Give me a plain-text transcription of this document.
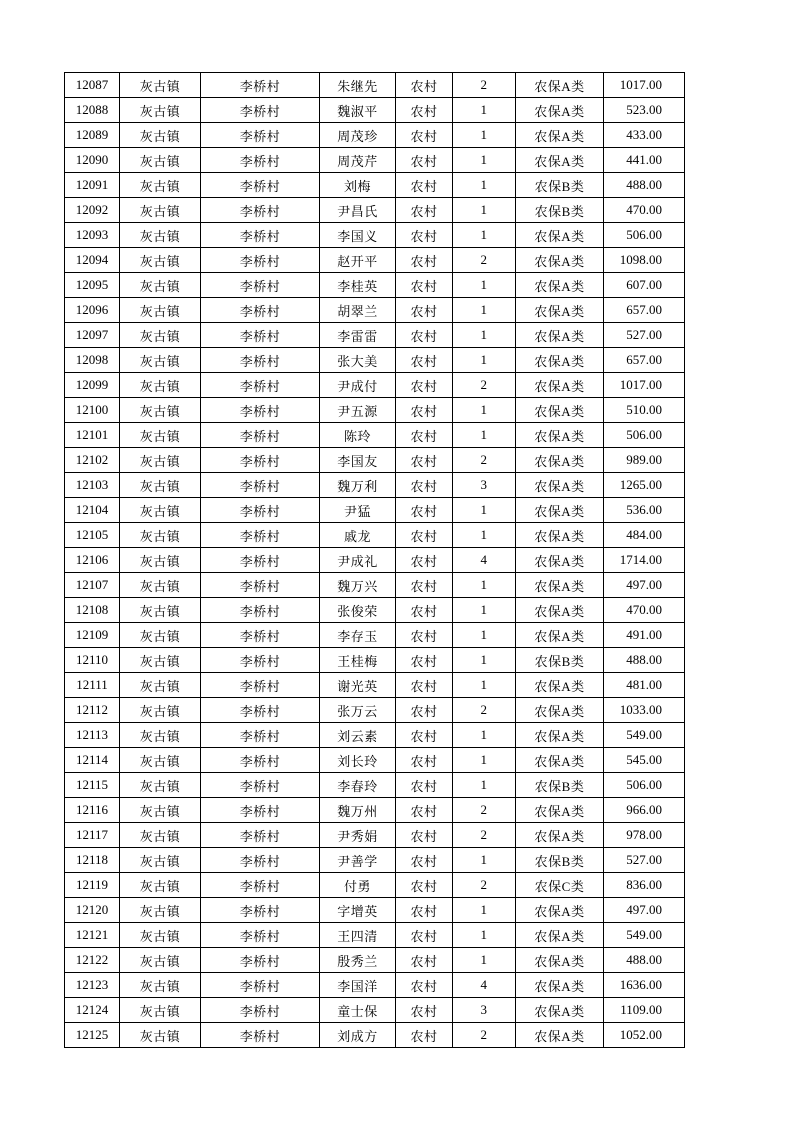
12087	灰古镇	李桥村	朱继先	农村	2	农保A类	1017.00
12088	灰古镇	李桥村	魏淑平	农村	1	农保A类	523.00
12089	灰古镇	李桥村	周茂珍	农村	1	农保A类	433.00
12090	灰古镇	李桥村	周茂芹	农村	1	农保A类	441.00
12091	灰古镇	李桥村	刘梅	农村	1	农保B类	488.00
12092	灰古镇	李桥村	尹昌氏	农村	1	农保B类	470.00
12093	灰古镇	李桥村	李国义	农村	1	农保A类	506.00
12094	灰古镇	李桥村	赵开平	农村	2	农保A类	1098.00
12095	灰古镇	李桥村	李桂英	农村	1	农保A类	607.00
12096	灰古镇	李桥村	胡翠兰	农村	1	农保A类	657.00
12097	灰古镇	李桥村	李雷雷	农村	1	农保A类	527.00
12098	灰古镇	李桥村	张大美	农村	1	农保A类	657.00
12099	灰古镇	李桥村	尹成付	农村	2	农保A类	1017.00
12100	灰古镇	李桥村	尹五源	农村	1	农保A类	510.00
12101	灰古镇	李桥村	陈玲	农村	1	农保A类	506.00
12102	灰古镇	李桥村	李国友	农村	2	农保A类	989.00
12103	灰古镇	李桥村	魏万利	农村	3	农保A类	1265.00
12104	灰古镇	李桥村	尹猛	农村	1	农保A类	536.00
12105	灰古镇	李桥村	戚龙	农村	1	农保A类	484.00
12106	灰古镇	李桥村	尹成礼	农村	4	农保A类	1714.00
12107	灰古镇	李桥村	魏万兴	农村	1	农保A类	497.00
12108	灰古镇	李桥村	张俊荣	农村	1	农保A类	470.00
12109	灰古镇	李桥村	李存玉	农村	1	农保A类	491.00
12110	灰古镇	李桥村	王桂梅	农村	1	农保B类	488.00
12111	灰古镇	李桥村	谢光英	农村	1	农保A类	481.00
12112	灰古镇	李桥村	张万云	农村	2	农保A类	1033.00
12113	灰古镇	李桥村	刘云素	农村	1	农保A类	549.00
12114	灰古镇	李桥村	刘长玲	农村	1	农保A类	545.00
12115	灰古镇	李桥村	李春玲	农村	1	农保B类	506.00
12116	灰古镇	李桥村	魏万州	农村	2	农保A类	966.00
12117	灰古镇	李桥村	尹秀娟	农村	2	农保A类	978.00
12118	灰古镇	李桥村	尹善学	农村	1	农保B类	527.00
12119	灰古镇	李桥村	付勇	农村	2	农保C类	836.00
12120	灰古镇	李桥村	字增英	农村	1	农保A类	497.00
12121	灰古镇	李桥村	王四清	农村	1	农保A类	549.00
12122	灰古镇	李桥村	殷秀兰	农村	1	农保A类	488.00
12123	灰古镇	李桥村	李国洋	农村	4	农保A类	1636.00
12124	灰古镇	李桥村	童士保	农村	3	农保A类	1109.00
12125	灰古镇	李桥村	刘成方	农村	2	农保A类	1052.00
